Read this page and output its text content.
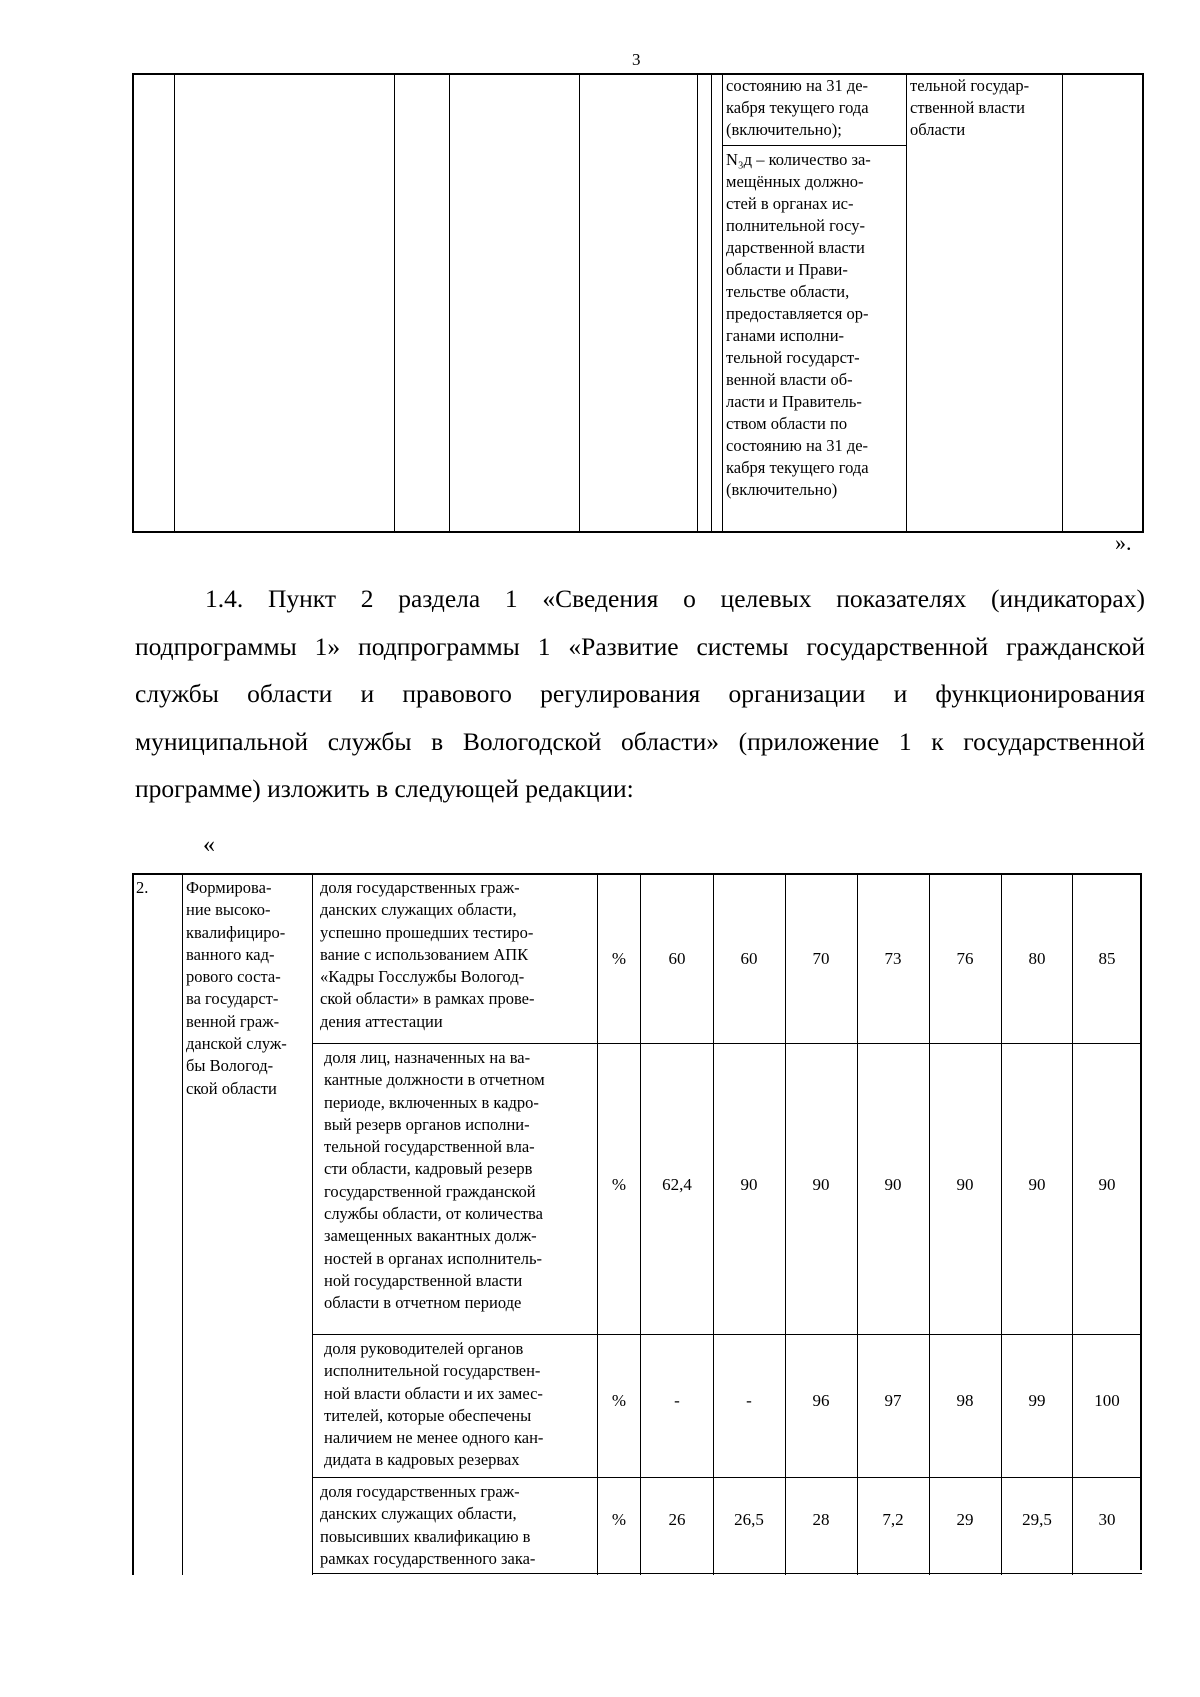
3
состоянию на 31 де-
кабря текущего года
(включительно);
N₃д – количество за-
мещённых должно-
стей в органах ис-
полнительной госу-
дарственной власти
области и Прави-
тельстве области,
предоставляется ор-
ганами исполни-
тельной государст-
венной власти об-
ласти и Правитель-
ством области по
состоянию на 31 де-
кабря текущего года
(включительно)
тельной государ-
ственной власти
области
».

1.4. Пункт 2 раздела 1 «Сведения о целевых показателях (индикаторах) подпрограммы 1» подпрограммы 1 «Развитие системы государственной гражданской службы области и правового регулирования организации и функционирования муниципальной службы в Вологодской области» (приложение 1 к государственной программе) изложить в следующей редакции:

«
2. Формирова-
ние высоко-
квалифициро-
ванного кад-
рового соста-
ва государст-
венной граж-
данской служ-
бы Вологод-
ской области
доля государственных граж-
данских служащих области,
успешно прошедших тестиро-
вание с использованием АПК
«Кадры Госслужбы Вологод-
ской области» в рамках прове-
дения аттестации
%	60	60	70	73	76	80	85
доля лиц, назначенных на ва-
кантные должности в отчетном
периоде, включенных в кадро-
вый резерв органов исполни-
тельной государственной вла-
сти области, кадровый резерв
государственной гражданской
службы области, от количества
замещенных вакантных долж-
ностей в органах исполнитель-
ной государственной власти
области в отчетном периоде
%	62,4	90	90	90	90	90	90
доля руководителей органов
исполнительной государствен-
ной власти области и их замес-
тителей, которые обеспечены
наличием не менее одного кан-
дидата в кадровых резервах
%	-	-	96	97	98	99	100
доля государственных граж-
данских служащих области,
повысивших квалификацию в
рамках государственного зака-
%	26	26,5	28	7,2	29	29,5	30
